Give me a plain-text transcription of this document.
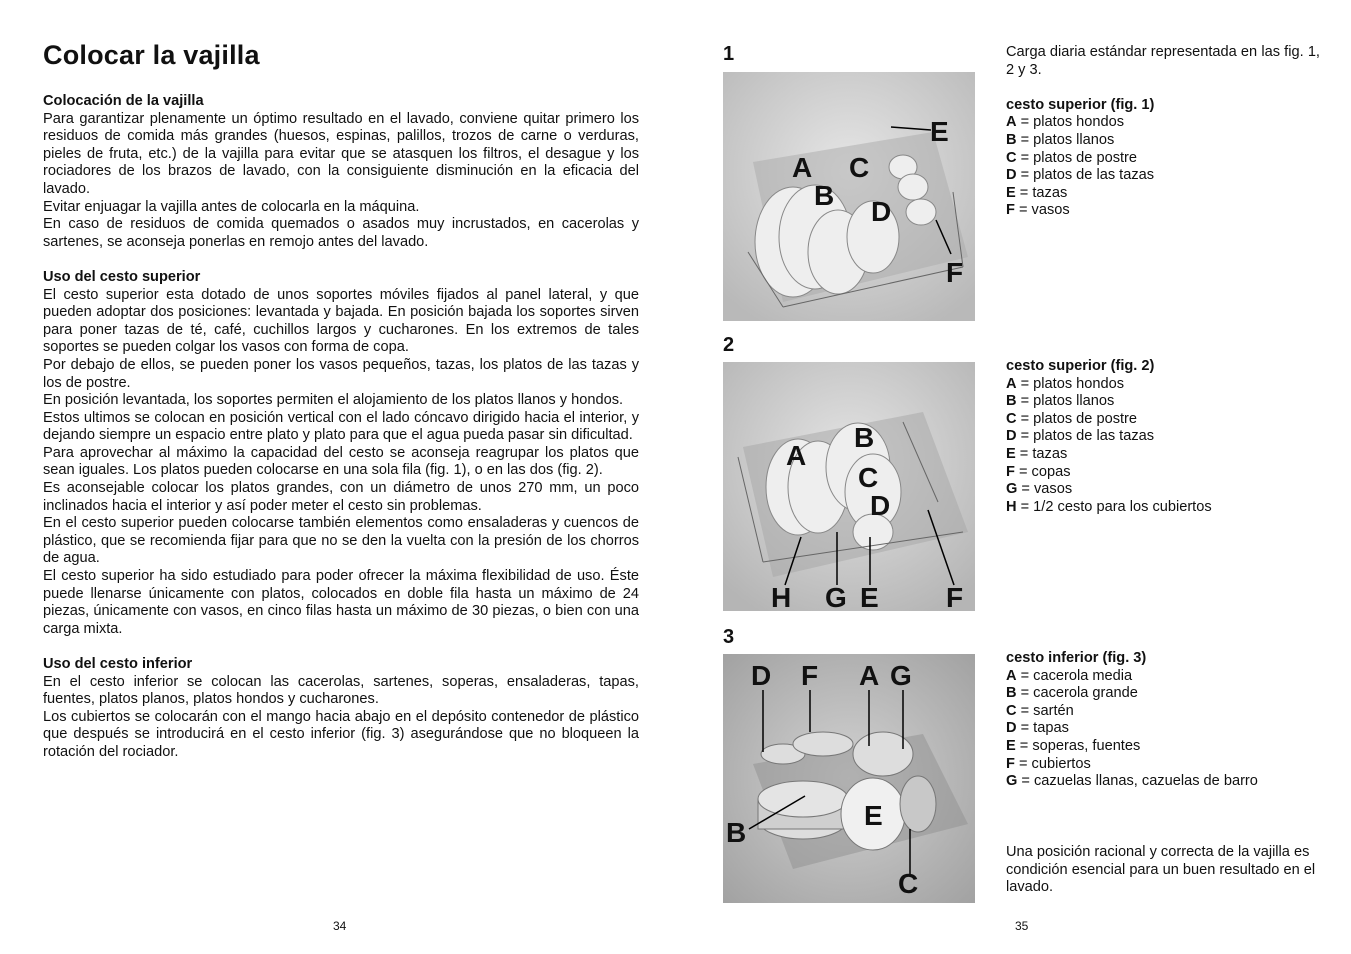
Colocar la vajilla
Colocación de la vajilla

Para garantizar plenamente un óptimo resultado en el lavado, conviene quitar primero los residuos de comida más grandes (huesos, espinas, palillos, trozos de carne o verduras, pieles de fruta, etc.) de la vajilla para evitar que se atasquen los filtros, el desague y los rociadores de los brazos de lavado, con la consiguiente disminución en la eficacia del lavado.

Evitar enjuagar la vajilla antes de colocarla en la máquina.

En caso de residuos de comida quemados o asados muy incrustados, en cacerolas y sartenes, se aconseja ponerlas en remojo antes del lavado.

Uso del cesto superior

El cesto superior esta dotado de unos soportes móviles fijados al panel lateral, y que pueden adoptar dos posiciones: levantada y bajada. En posición bajada los soportes sirven para poner tazas de té, café, cuchillos largos y cucharones. En los extremos de tales soportes se pueden colgar los vasos con forma de copa.

Por debajo de ellos, se pueden poner los vasos pequeños, tazas, los platos de las tazas y los de postre.

En posición levantada, los soportes permiten el alojamiento de los platos llanos y hondos.

Estos ultimos se colocan en posición vertical con el lado cóncavo dirigido hacia el interior, y dejando siempre un espacio entre plato y plato para que el agua pueda pasar sin dificultad.

Para aprovechar al máximo la capacidad del cesto se aconseja reagrupar los platos que sean iguales. Los platos pueden colocarse en una sola fila (fig. 1), o en las dos (fig. 2).

Es aconsejable colocar los platos grandes, con un diámetro de unos 270 mm, un poco inclinados hacia el interior y así poder meter el cesto sin problemas.

En el cesto superior pueden colocarse también elementos como ensaladeras y cuencos de plástico, que se recomienda fijar para que no se den la vuelta con la presión de los chorros de agua.

El cesto superior ha sido estudiado para poder ofrecer la máxima flexibilidad de uso. Éste puede llenarse únicamente con platos, colocados en doble fila hasta un máximo de 24 piezas, únicamente con vasos, en cinco filas hasta un máximo de 30 piezas, o bien con una carga mixta.

Uso del cesto inferior

En el cesto inferior se colocan las cacerolas, sartenes, soperas, ensaladeras, tapas, fuentes, platos planos, platos hondos y cucharones.

Los cubiertos se colocarán con el mango hacia abajo en el depósito contenedor de plástico que después se introducirá en el cesto inferior (fig. 3) asegurándose que no bloqueen la rotación del rociador.

34
1
E
A C
B
D
F
2
B
A
C
D
H G E F
3
D F A G
E
B
C
Carga diaria estándar representada en las fig. 1, 2 y 3.
cesto superior (fig. 1)
A = platos hondos
B = platos llanos
C = platos de postre
D = platos de las tazas
E = tazas
F = vasos
cesto superior (fig. 2)
A = platos hondos
B = platos llanos
C = platos de postre
D = platos de las tazas
E = tazas
F = copas
G = vasos
H = 1/2 cesto para los cubiertos
cesto inferior (fig. 3)
A = cacerola media
B = cacerola grande
C = sartén
D = tapas
E = soperas, fuentes
F = cubiertos
G = cazuelas llanas, cazuelas de barro
Una posición racional y correcta de la vajilla es condición esencial para un buen resultado en el lavado.
35
